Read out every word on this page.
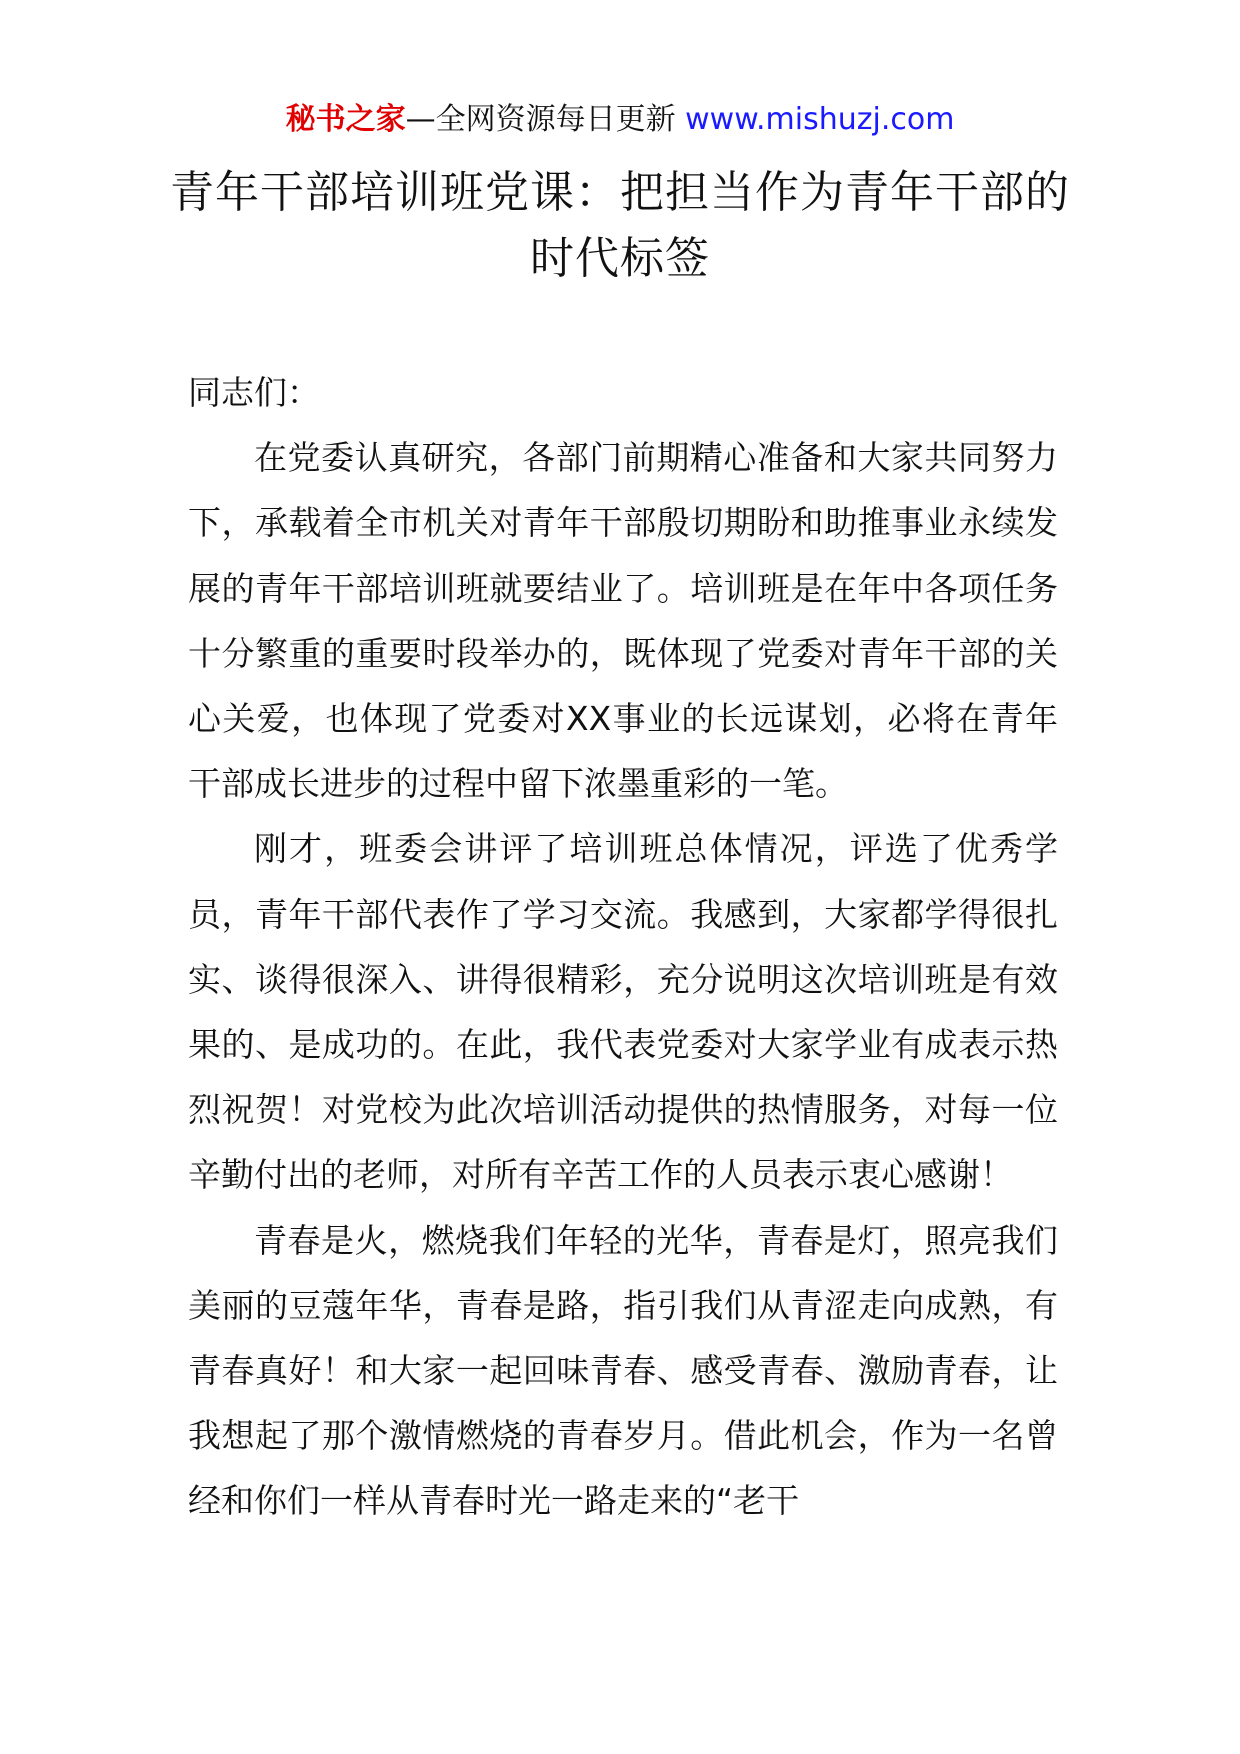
秘书之家—全网资源每日更新 www.mishuzj.com
青年干部培训班党课：把担当作为青年干部的时代标签

同志们：

在党委认真研究，各部门前期精心准备和大家共同努力下，承载着全市机关对青年干部殷切期盼和助推事业永续发展的青年干部培训班就要结业了。培训班是在年中各项任务十分繁重的重要时段举办的，既体现了党委对青年干部的关心关爱，也体现了党委对XX事业的长远谋划，必将在青年干部成长进步的过程中留下浓墨重彩的一笔。

刚才，班委会讲评了培训班总体情况，评选了优秀学员，青年干部代表作了学习交流。我感到，大家都学得很扎实、谈得很深入、讲得很精彩，充分说明这次培训班是有效果的、是成功的。在此，我代表党委对大家学业有成表示热烈祝贺！对党校为此次培训活动提供的热情服务，对每一位辛勤付出的老师，对所有辛苦工作的人员表示衷心感谢！

青春是火，燃烧我们年轻的光华，青春是灯，照亮我们美丽的豆蔻年华，青春是路，指引我们从青涩走向成熟，有青春真好！和大家一起回味青春、感受青春、激励青春，让我想起了那个激情燃烧的青春岁月。借此机会，作为一名曾经和你们一样从青春时光一路走来的“老干
